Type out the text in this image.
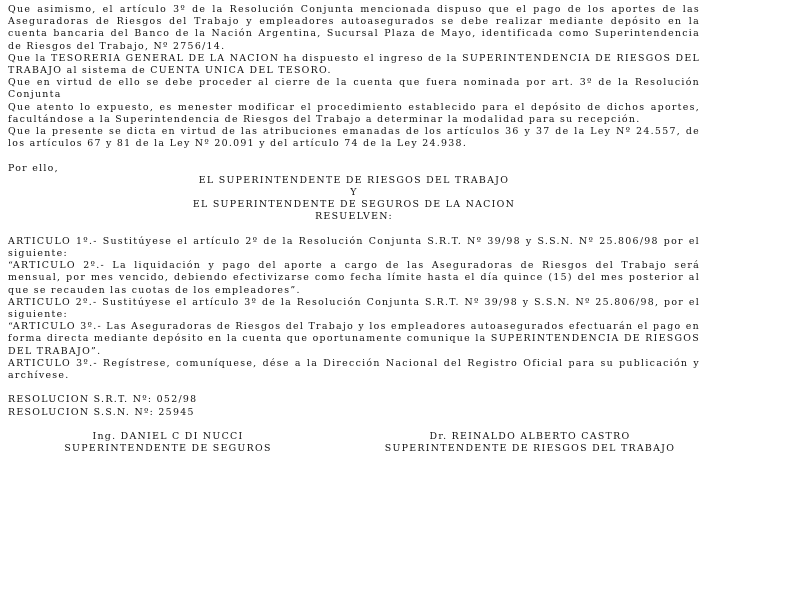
Que asimismo, el artículo 3º de la Resolución Conjunta mencionada dispuso que el pago de los aportes de las Aseguradoras de Riesgos del Trabajo y empleadores autoasegurados se debe realizar mediante depósito en la cuenta bancaria del Banco de la Nación Argentina, Sucursal Plaza de Mayo, identificada como Superintendencia de Riesgos del Trabajo, Nº 2756/14.

Que la TESORERIA GENERAL DE LA NACION ha dispuesto el ingreso de la SUPERINTENDENCIA DE RIESGOS DEL TRABAJO al sistema de CUENTA UNICA DEL TESORO.

Que en virtud de ello se debe proceder al cierre de la cuenta que fuera nominada por art. 3º de la Resolución Conjunta

Que atento lo expuesto, es menester modificar el procedimiento establecido para el depósito de dichos aportes, facultándose a la Superintendencia de Riesgos del Trabajo a determinar la modalidad para su recepción.

Que la presente se dicta en virtud de las atribuciones emanadas de los artículos 36 y 37 de la Ley Nº 24.557, de los artículos 67 y 81 de la Ley Nº 20.091 y del artículo 74 de la Ley 24.938.

Por ello,

EL SUPERINTENDENTE DE RIESGOS DEL TRABAJO

Y

EL SUPERINTENDENTE DE SEGUROS DE LA NACION

RESUELVEN:

ARTICULO 1º.- Sustitúyese el artículo 2º de la Resolución Conjunta S.R.T. Nº 39/98 y S.S.N. Nº 25.806/98 por el siguiente:

“ARTICULO 2º.- La liquidación y pago del aporte a cargo de las Aseguradoras de Riesgos del Trabajo será mensual, por mes vencido, debiendo efectivizarse como fecha límite hasta el día quince (15) del mes posterior al que se recauden las cuotas de los empleadores”.

ARTICULO 2º.- Sustitúyese el artículo 3º de la Resolución Conjunta S.R.T. Nº 39/98 y S.S.N. Nº 25.806/98, por el siguiente:

“ARTICULO 3º.- Las Aseguradoras de Riesgos del Trabajo y los empleadores autoasegurados efectuarán el pago en forma directa mediante depósito en la cuenta que oportunamente comunique la SUPERINTENDENCIA DE RIESGOS DEL TRABAJO”.

ARTICULO 3º.- Regístrese, comuníquese, dése a la Dirección Nacional del Registro Oficial para su publicación y archívese.

RESOLUCION S.R.T. Nº: 052/98

RESOLUCION S.S.N. Nº: 25945

Ing. DANIEL C DI NUCCI
SUPERINTENDENTE DE SEGUROS
Dr. REINALDO ALBERTO CASTRO
SUPERINTENDENTE DE RIESGOS DEL TRABAJO
